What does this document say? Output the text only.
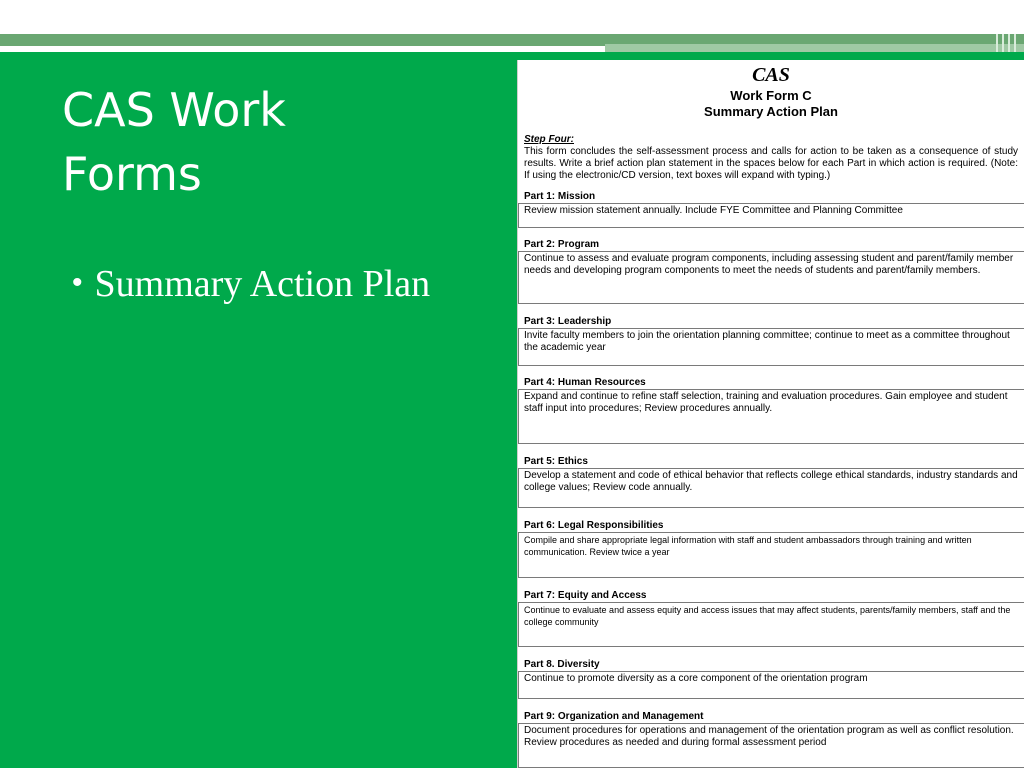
CAS Work
Forms
• Summary Action Plan
CAS
Work Form C
Summary Action Plan
Step Four:
This form concludes the self-assessment process and calls for action to be taken as a consequence of study results. Write a brief action plan statement in the spaces below for each Part in which action is required. (Note: If using the electronic/CD version, text boxes will expand with typing.)
Part 1: Mission
Review mission statement annually. Include FYE Committee and Planning Committee
Part 2: Program
Continue to assess and evaluate program components, including assessing student and parent/family member needs and developing program components to meet the needs of students and parent/family members.
Part 3: Leadership
Invite faculty members to join the orientation planning committee; continue to meet as a committee throughout the academic year
Part 4: Human Resources
Expand and continue to refine staff selection, training and evaluation procedures. Gain employee and student staff input into procedures; Review procedures annually.
Part 5: Ethics
Develop a statement and code of ethical behavior that reflects college ethical standards, industry standards and college values; Review code annually.
Part 6: Legal Responsibilities
Compile and share appropriate legal information with staff and student ambassadors through training and written communication. Review twice a year
Part 7: Equity and Access
Continue to evaluate and assess equity and access issues that may affect students, parents/family members, staff and the college community
Part 8. Diversity
Continue to promote diversity as a core component of the orientation program
Part 9: Organization and Management
Document procedures for operations and management of the orientation program as well as conflict resolution. Review procedures as needed and during formal assessment period
